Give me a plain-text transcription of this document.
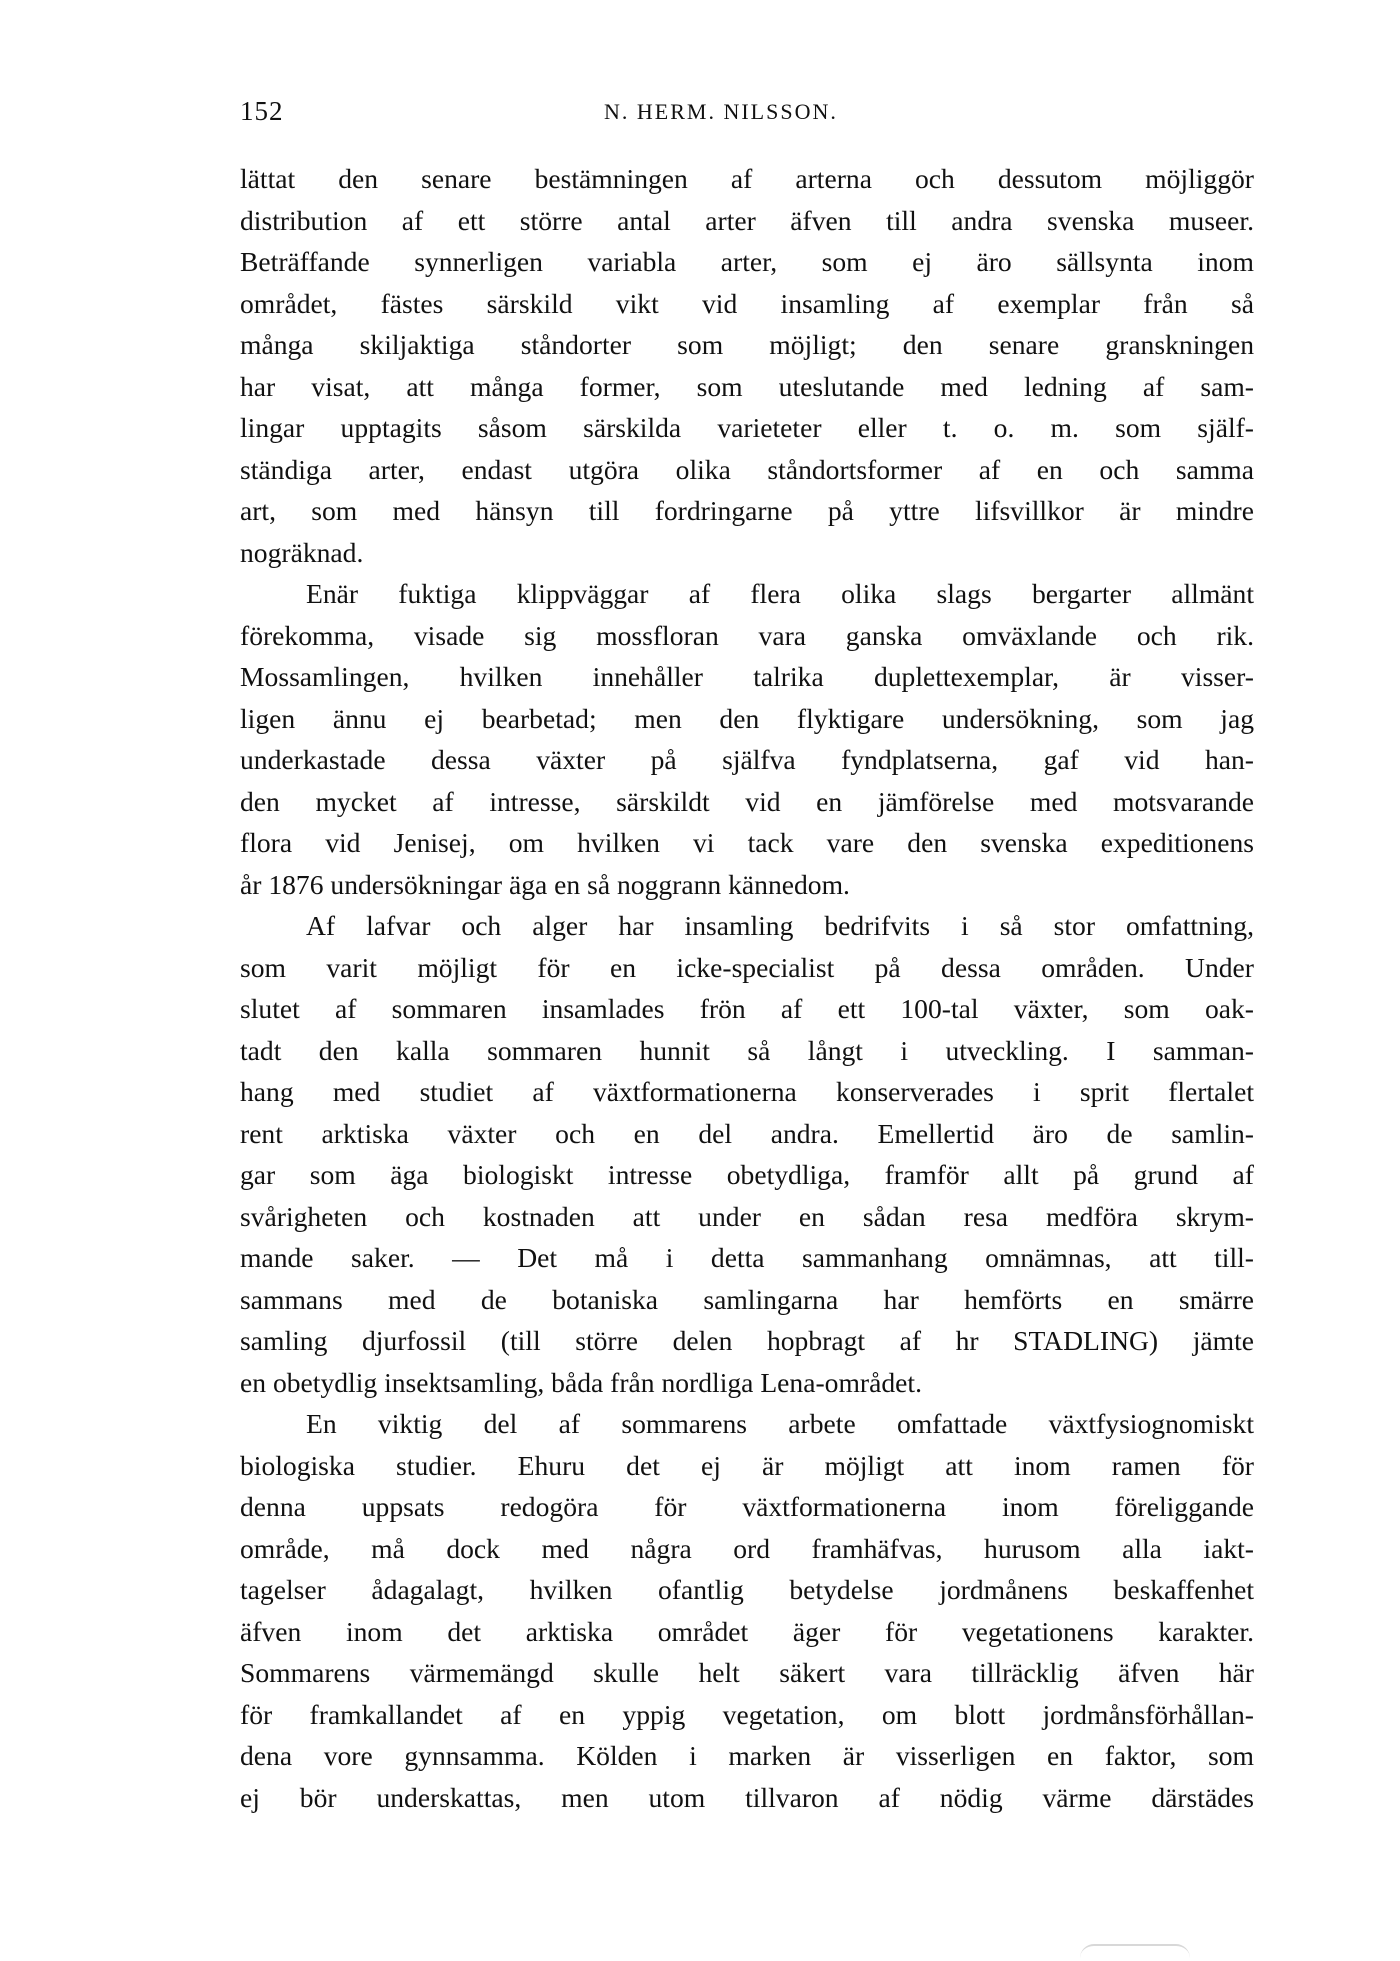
152	N. HERM. NILSSON.
lättat den senare bestämningen af arterna och dessutom möjliggör
distribution af ett större antal arter äfven till andra svenska museer.
Beträffande synnerligen variabla arter, som ej äro sällsynta inom
området, fästes särskild vikt vid insamling af exemplar från så
många skiljaktiga ståndorter som möjligt; den senare granskningen
har visat, att många former, som uteslutande med ledning af sam-
lingar upptagits såsom särskilda varieteter eller t. o. m. som själf-
ständiga arter, endast utgöra olika ståndortsformer af en och samma
art, som med hänsyn till fordringarne på yttre lifsvillkor är mindre
nogräknad.
Enär fuktiga klippväggar af flera olika slags bergarter allmänt
förekomma, visade sig mossfloran vara ganska omväxlande och rik.
Mossamlingen, hvilken innehåller talrika duplettexemplar, är visser-
ligen ännu ej bearbetad; men den flyktigare undersökning, som jag
underkastade dessa växter på själfva fyndplatserna, gaf vid han-
den mycket af intresse, särskildt vid en jämförelse med motsvarande
flora vid Jenisej, om hvilken vi tack vare den svenska expeditionens
år 1876 undersökningar äga en så noggrann kännedom.
Af lafvar och alger har insamling bedrifvits i så stor omfattning,
som varit möjligt för en icke-specialist på dessa områden. Under
slutet af sommaren insamlades frön af ett 100-tal växter, som oak-
tadt den kalla sommaren hunnit så långt i utveckling. I samman-
hang med studiet af växtformationerna konserverades i sprit flertalet
rent arktiska växter och en del andra. Emellertid äro de samlin-
gar som äga biologiskt intresse obetydliga, framför allt på grund af
svårigheten och kostnaden att under en sådan resa medföra skrym-
mande saker. — Det må i detta sammanhang omnämnas, att till-
sammans med de botaniska samlingarna har hemförts en smärre
samling djurfossil (till större delen hopbragt af hr STADLING) jämte
en obetydlig insektsamling, båda från nordliga Lena-området.
En viktig del af sommarens arbete omfattade växtfysiognomiskt
biologiska studier. Ehuru det ej är möjligt att inom ramen för
denna uppsats redogöra för växtformationerna inom föreliggande
område, må dock med några ord framhäfvas, hurusom alla iakt-
tagelser ådagalagt, hvilken ofantlig betydelse jordmånens beskaffenhet
äfven inom det arktiska området äger för vegetationens karakter.
Sommarens värmemängd skulle helt säkert vara tillräcklig äfven här
för framkallandet af en yppig vegetation, om blott jordmånsförhållan-
dena vore gynnsamma. Kölden i marken är visserligen en faktor, som
ej bör underskattas, men utom tillvaron af nödig värme därstädes
